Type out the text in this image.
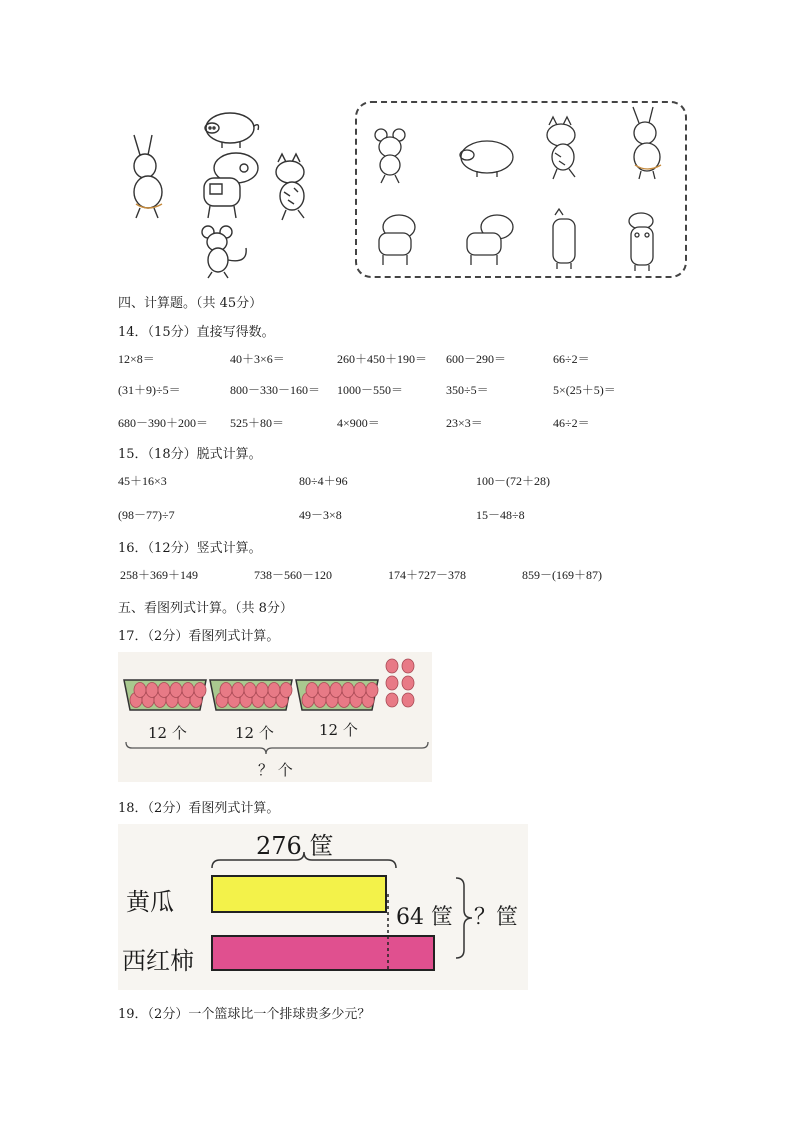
四、计算题。（共 45分）
14．（15分）直接写得数。
12×8＝	40＋3×6＝	260＋450＋190＝ 600－290＝	66÷2＝
(31＋9)÷5＝	800－330－160＝ 1000－550＝	350÷5＝	5×(25＋5)＝
680－390＋200＝ 525＋80＝	4×900＝	23×3＝	46÷2＝
15．（18分）脱式计算。
45＋16×3	80÷4＋96	100－(72＋28)
(98－77)÷7	49－3×8	15－48÷8
16．（12分）竖式计算。
258＋369＋149	738－560－120	174＋727－378	859－(169＋87)
五、看图列式计算。（共 8分）
17．（2分）看图列式计算。
12 个	12 个	12 个
？ 个
18．（2分）看图列式计算。
276 筐
黄瓜
西红柿
64 筐 ？筐
19．（2分）一个篮球比一个排球贵多少元？
